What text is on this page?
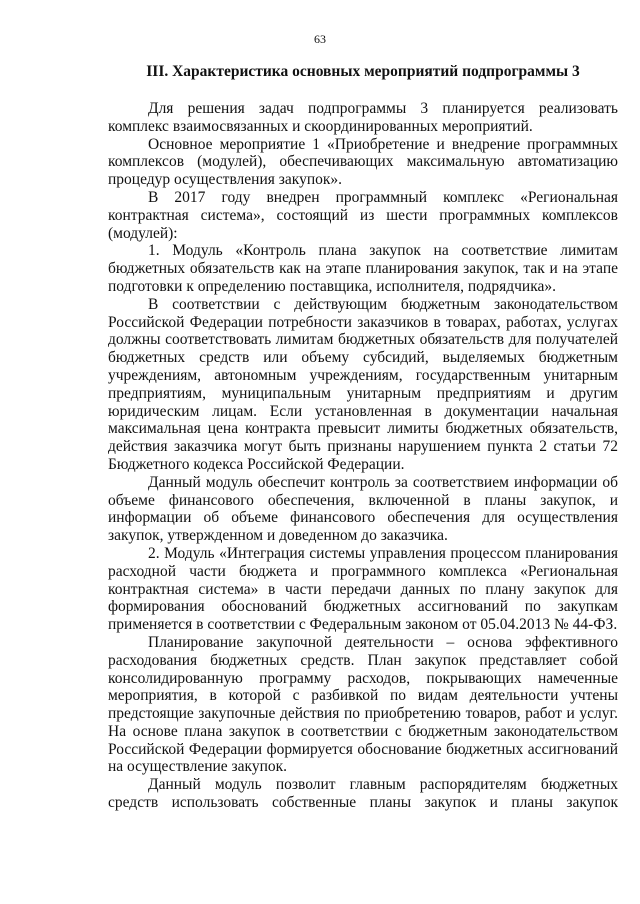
63
III. Характеристика основных мероприятий подпрограммы 3

Для решения задач подпрограммы 3 планируется реализовать комплекс взаимосвязанных и скоординированных мероприятий.

Основное мероприятие 1 «Приобретение и внедрение программных комплексов (модулей), обеспечивающих максимальную автоматизацию процедур осуществления закупок».

В 2017 году внедрен программный комплекс «Региональная контрактная система», состоящий из шести программных комплексов (модулей):

1. Модуль «Контроль плана закупок на соответствие лимитам бюджетных обязательств как на этапе планирования закупок, так и на этапе подготовки к определению поставщика, исполнителя, подрядчика».

В соответствии с действующим бюджетным законодательством Российской Федерации потребности заказчиков в товарах, работах, услугах должны соответствовать лимитам бюджетных обязательств для получателей бюджетных средств или объему субсидий, выделяемых бюджетным учреждениям, автономным учреждениям, государственным унитарным предприятиям, муниципальным унитарным предприятиям и другим юридическим лицам. Если установленная в документации начальная максимальная цена контракта превысит лимиты бюджетных обязательств, действия заказчика могут быть признаны нарушением пункта 2 статьи 72 Бюджетного кодекса Российской Федерации.

Данный модуль обеспечит контроль за соответствием информации об объеме финансового обеспечения, включенной в планы закупок, и информации об объеме финансового обеспечения для осуществления закупок, утвержденном и доведенном до заказчика.

2. Модуль «Интеграция системы управления процессом планирования расходной части бюджета и программного комплекса «Региональная контрактная система» в части передачи данных по плану закупок для формирования обоснований бюджетных ассигнований по закупкам применяется в соответствии с Федеральным законом от 05.04.2013 № 44-ФЗ.

Планирование закупочной деятельности – основа эффективного расходования бюджетных средств. План закупок представляет собой консолидированную программу расходов, покрывающих намеченные мероприятия, в которой с разбивкой по видам деятельности учтены предстоящие закупочные действия по приобретению товаров, работ и услуг. На основе плана закупок в соответствии с бюджетным законодательством Российской Федерации формируется обоснование бюджетных ассигнований на осуществление закупок.

Данный модуль позволит главным распорядителям бюджетных средств использовать собственные планы закупок и планы закупок
